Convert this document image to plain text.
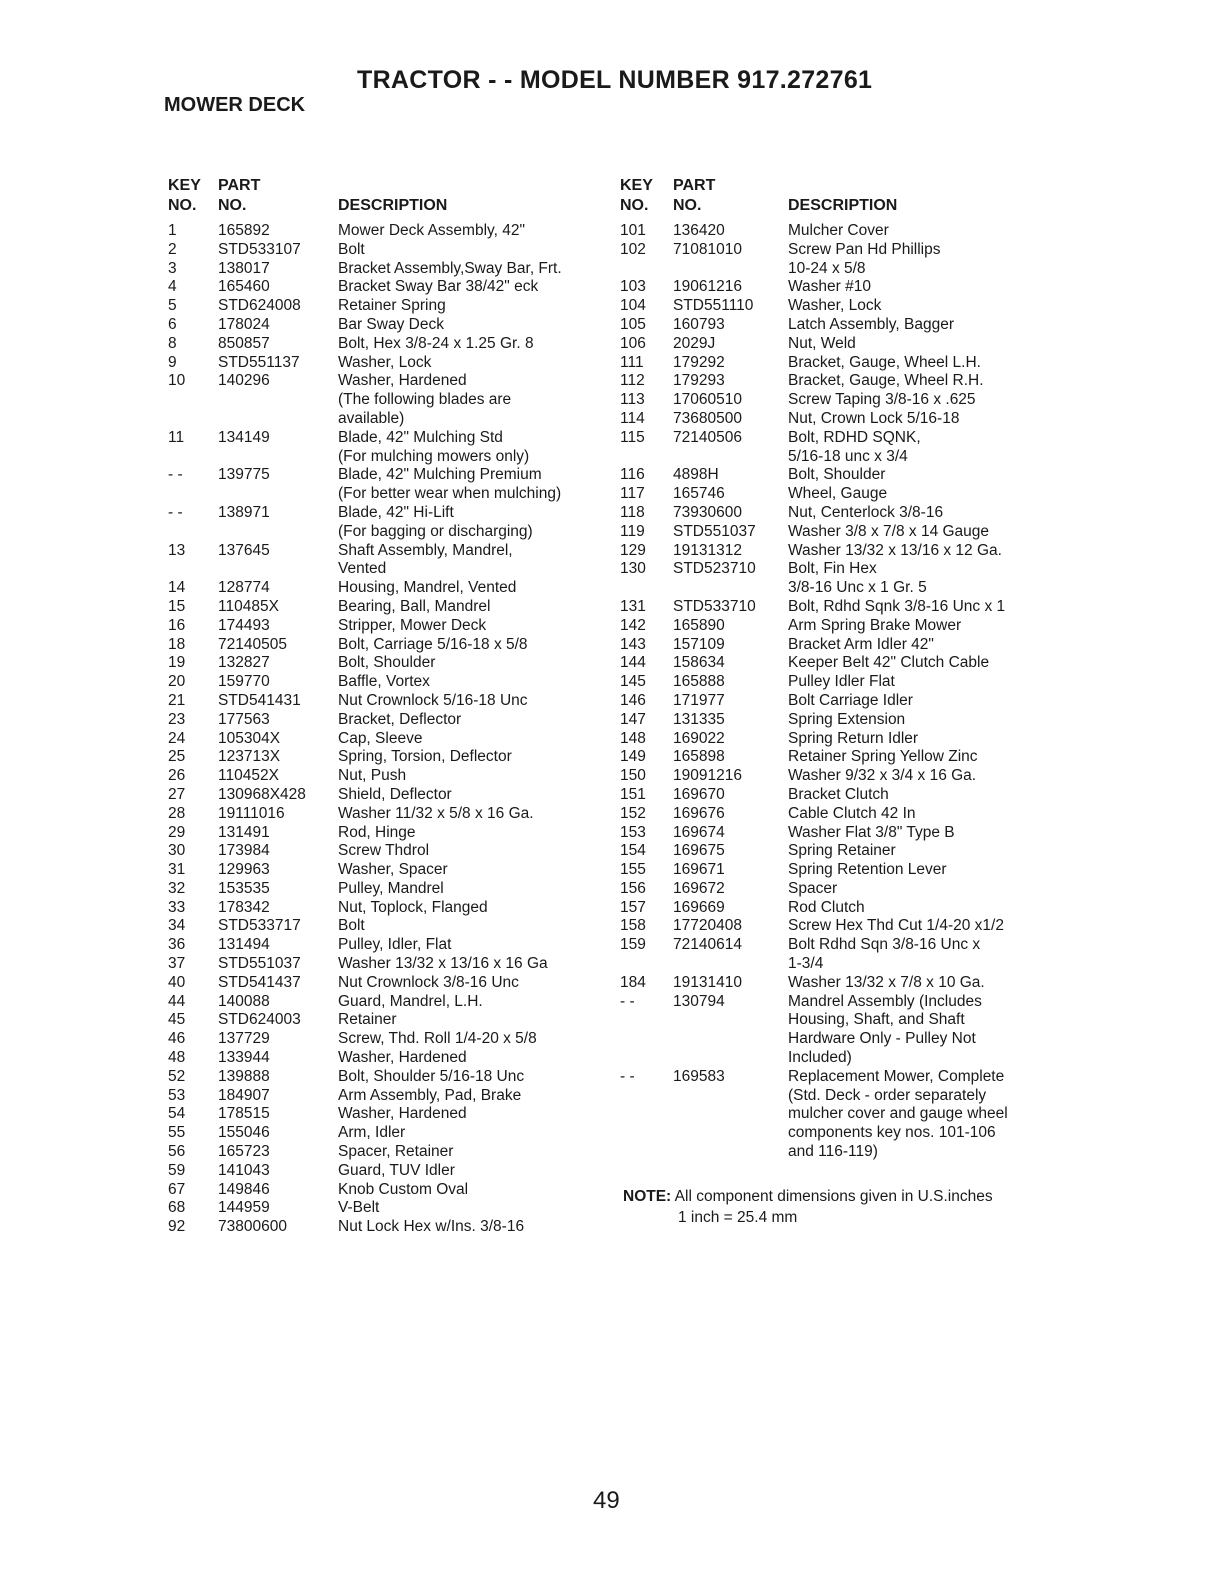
TRACTOR - - MODEL NUMBER 917.272761
MOWER DECK
KEY	PART
NO.	NO.	DESCRIPTION
1	165892	Mower Deck Assembly, 42"
2	STD533107	Bolt
3	138017	Bracket Assembly,Sway Bar, Frt.
4	165460	Bracket Sway Bar 38/42" eck
5	STD624008	Retainer Spring
6	178024	Bar Sway Deck
8	850857	Bolt, Hex 3/8-24 x 1.25 Gr. 8
9	STD551137	Washer, Lock
10	140296	Washer, Hardened
(The following blades are
available)
11	134149	Blade, 42" Mulching Std
(For mulching mowers only)
- -	139775	Blade, 42" Mulching Premium
(For better wear when mulching)
- -	138971	Blade, 42" Hi-Lift
(For bagging or discharging)
13	137645	Shaft Assembly, Mandrel,
Vented
14	128774	Housing, Mandrel, Vented
15	110485X	Bearing, Ball, Mandrel
16	174493	Stripper, Mower Deck
18	72140505	Bolt, Carriage 5/16-18 x 5/8
19	132827	Bolt, Shoulder
20	159770	Baffle, Vortex
21	STD541431	Nut Crownlock 5/16-18 Unc
23	177563	Bracket, Deflector
24	105304X	Cap, Sleeve
25	123713X	Spring, Torsion, Deflector
26	110452X	Nut, Push
27	130968X428	Shield, Deflector
28	19111016	Washer 11/32 x 5/8 x 16 Ga.
29	131491	Rod, Hinge
30	173984	Screw Thdrol
31	129963	Washer, Spacer
32	153535	Pulley, Mandrel
33	178342	Nut, Toplock, Flanged
34	STD533717	Bolt
36	131494	Pulley, Idler, Flat
37	STD551037	Washer 13/32 x 13/16 x 16 Ga
40	STD541437	Nut Crownlock 3/8-16 Unc
44	140088	Guard, Mandrel, L.H.
45	STD624003	Retainer
46	137729	Screw, Thd. Roll 1/4-20 x 5/8
48	133944	Washer, Hardened
52	139888	Bolt, Shoulder 5/16-18 Unc
53	184907	Arm Assembly, Pad, Brake
54	178515	Washer, Hardened
55	155046	Arm, Idler
56	165723	Spacer, Retainer
59	141043	Guard, TUV Idler
67	149846	Knob Custom Oval
68	144959	V-Belt
92	73800600	Nut Lock Hex w/Ins. 3/8-16
KEY	PART
NO.	NO.	DESCRIPTION
101	136420	Mulcher Cover
102	71081010	Screw Pan Hd Phillips
10-24 x 5/8
103	19061216	Washer #10
104	STD551110	Washer, Lock
105	160793	Latch Assembly, Bagger
106	2029J	Nut, Weld
111	179292	Bracket, Gauge, Wheel L.H.
112	179293	Bracket, Gauge, Wheel R.H.
113	17060510	Screw Taping 3/8-16 x .625
114	73680500	Nut, Crown Lock 5/16-18
115	72140506	Bolt, RDHD SQNK,
5/16-18 unc x 3/4
116	4898H	Bolt, Shoulder
117	165746	Wheel, Gauge
118	73930600	Nut, Centerlock 3/8-16
119	STD551037	Washer 3/8 x 7/8 x 14 Gauge
129	19131312	Washer 13/32 x 13/16 x 12 Ga.
130	STD523710	Bolt, Fin Hex
3/8-16 Unc x 1 Gr. 5
131	STD533710	Bolt, Rdhd Sqnk 3/8-16 Unc x 1
142	165890	Arm Spring Brake Mower
143	157109	Bracket Arm Idler 42"
144	158634	Keeper Belt 42" Clutch Cable
145	165888	Pulley Idler Flat
146	171977	Bolt Carriage Idler
147	131335	Spring Extension
148	169022	Spring Return Idler
149	165898	Retainer Spring Yellow Zinc
150	19091216	Washer 9/32 x 3/4 x 16 Ga.
151	169670	Bracket Clutch
152	169676	Cable Clutch 42 In
153	169674	Washer Flat 3/8" Type B
154	169675	Spring Retainer
155	169671	Spring Retention Lever
156	169672	Spacer
157	169669	Rod Clutch
158	17720408	Screw Hex Thd Cut 1/4-20 x1/2
159	72140614	Bolt Rdhd Sqn 3/8-16 Unc x
1-3/4
184	19131410	Washer 13/32 x 7/8 x 10 Ga.
- -	130794	Mandrel Assembly (Includes
Housing, Shaft, and Shaft
Hardware Only - Pulley Not
Included)
- -	169583	Replacement Mower, Complete
(Std. Deck - order separately
mulcher cover and gauge wheel
components key nos. 101-106
and 116-119)
NOTE: All component dimensions given in U.S.inches
1 inch = 25.4 mm
49
